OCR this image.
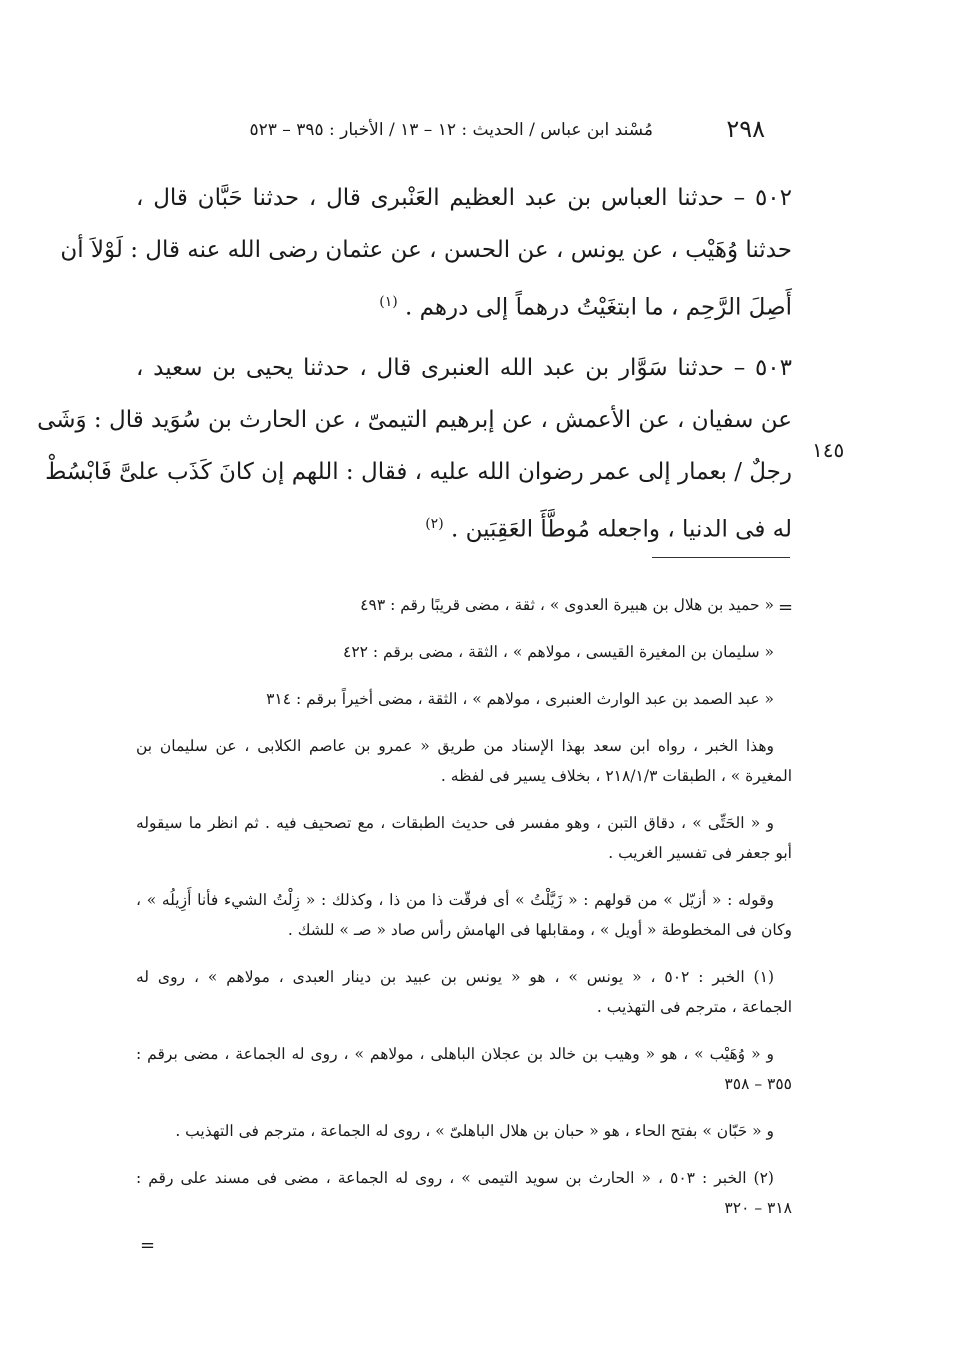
٢٩٨
مُسْند ابن عباس / الحديث : ١٢ – ١٣ / الأخبار : ٣٩٥ – ٥٢٣
٥٠٢ – حدثنا العباس بن عبد العظيم العَنْبرى قال ، حدثنا حَبَّان قال ،
حدثنا وُهَيْب ، عن يونس ، عن الحسن ، عن عثمان رضى الله عنه قال : لَوْلاَ أن
أَصِلَ الرَّحِم ، ما ابتغَيْتُ درهماً إلى درهم . $^{(١)}$
٥٠٣ – حدثنا سَوَّار بن عبد الله العنبرى قال ، حدثنا يحيى بن سعيد ،
عن سفيان ، عن الأعمش ، عن إبرهيم التيمىّ ، عن الحارث بن سُوَيد قال : وَشَى
رجلٌ / بعمار إلى عمر رضوان الله عليه ، فقال : اللهم إن كانَ كَذَب علىَّ فَابْسُطْ
له فى الدنيا ، واجعله مُوطَّأَ العَقِبَين . $^{(٢)}$
١٤٥
=
« حميد بن هلال بن هبيرة العدوى » ، ثقة ، مضى قريبًا رقم : ٤٩٣
« سليمان بن المغيرة القيسى ، مولاهم » ، الثقة ، مضى برقم : ٤٢٢
« عبد الصمد بن عبد الوارث العنبرى ، مولاهم » ، الثقة ، مضى أخيراً برقم : ٣١٤
وهذا الخبر ، رواه ابن سعد بهذا الإسناد من طريق « عمرو بن عاصم الكلابى ، عن سليمان بن
المغيرة » ، الطبقات ٢١٨/١/٣ ، بخلاف يسير فى لفظه .
و « الحَتِّى » ، دقاق التبن ، وهو مفسر فى حديث الطبقات ، مع تصحيف فيه . ثم انظر ما سيقوله
أبو جعفر فى تفسير الغريب .
وقوله : « أزيّل » من قولهم : « زَيَّلْتُ » أى فرقّت ذا من ذا ، وكذلك : « زِلْتُ الشيء فأنا أَزِيلُه » ،
وكان فى المخطوطة « أويل » ، ومقابلها فى الهامش رأس صاد « صـ » للشك .
(١) الخبر : ٥٠٢ ، « يونس » ، هو « يونس بن عبيد بن دينار العبدى ، مولاهم » ، روى له
الجماعة ، مترجم فى التهذيب .
و « وُهَيْب » ، هو « وهيب بن خالد بن عجلان الباهلى ، مولاهم » ، روى له الجماعة ، مضى برقم :
٣٥٥ – ٣٥٨
و « حَبّان » بفتح الحاء ، هو « حبان بن هلال الباهلىّ » ، روى له الجماعة ، مترجم فى التهذيب .
(٢) الخبر : ٥٠٣ ، « الحارث بن سويد التيمى » ، روى له الجماعة ، مضى فى مسند على رقم :
٣١٨ – ٣٢٠
=
